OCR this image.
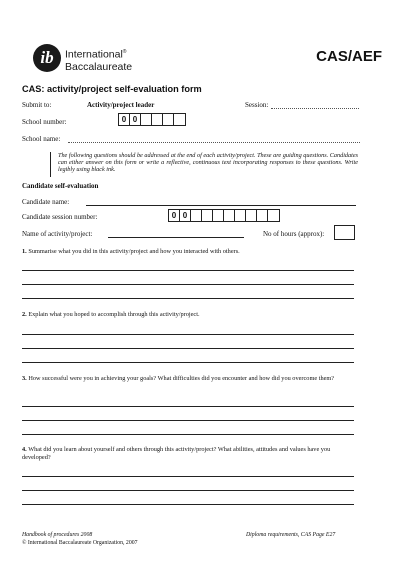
ib	International®
Baccalaureate
CAS/AEF
CAS: activity/project self-evaluation form
Submit to:	Activity/project leader	Session:
School number:	0 0
School name:
The following questions should be addressed at the end of each activity/project. These are guiding questions. Candidates can either answer on this form or write a reflective, continuous text incorporating responses to these questions. Write legibly using black ink.
Candidate self-evaluation
Candidate name:
Candidate session number:	0 0
Name of activity/project:	No of hours (approx):
1. Summarise what you did in this activity/project and how you interacted with others.
2. Explain what you hoped to accomplish through this activity/project.
3. How successful were you in achieving your goals? What difficulties did you encounter and how did you overcome them?
4. What did you learn about yourself and others through this activity/project? What abilities, attitudes and values have you developed?
Handbook of procedures 2008
© International Baccalaureate Organization, 2007
Diploma requirements, CAS Page E27
